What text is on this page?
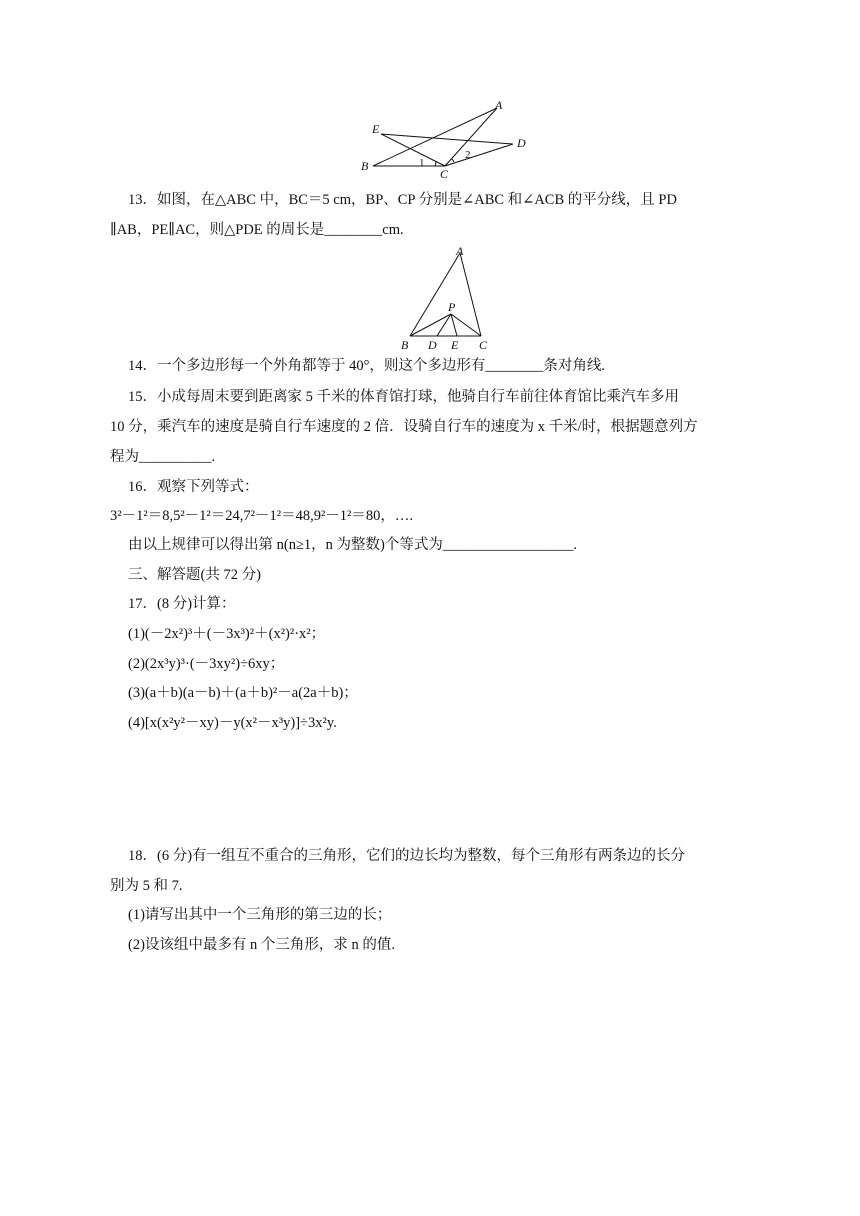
A
B
C
D
E
1
2
13．如图，在△ABC 中，BC＝5 cm，BP、CP 分别是∠ABC 和∠ACB 的平分线，且 PD
∥AB，PE∥AC，则△PDE 的周长是________cm.
A
P
B D E C
14．一个多边形每一个外角都等于 40°，则这个多边形有________条对角线.
15．小成每周末要到距离家 5 千米的体育馆打球，他骑自行车前往体育馆比乘汽车多用
10 分，乘汽车的速度是骑自行车速度的 2 倍．设骑自行车的速度为 x 千米/时，根据题意列方
程为__________.
16．观察下列等式：
3²－1²＝8,5²－1²＝24,7²－1²＝48,9²－1²＝80，….
由以上规律可以得出第 n(n≥1，n 为整数)个等式为__________________.
三、解答题(共 72 分)
17．(8 分)计算：
(1)(－2x²)³＋(－3x³)²＋(x²)²·x²；
(2)(2x³y)³·(－3xy²)÷6xy；
(3)(a＋b)(a－b)＋(a＋b)²－a(2a＋b)；
(4)[x(x²y²－xy)－y(x²－x³y)]÷3x²y.
18．(6 分)有一组互不重合的三角形，它们的边长均为整数，每个三角形有两条边的长分
别为 5 和 7.
(1)请写出其中一个三角形的第三边的长；
(2)设该组中最多有 n 个三角形，求 n 的值.
